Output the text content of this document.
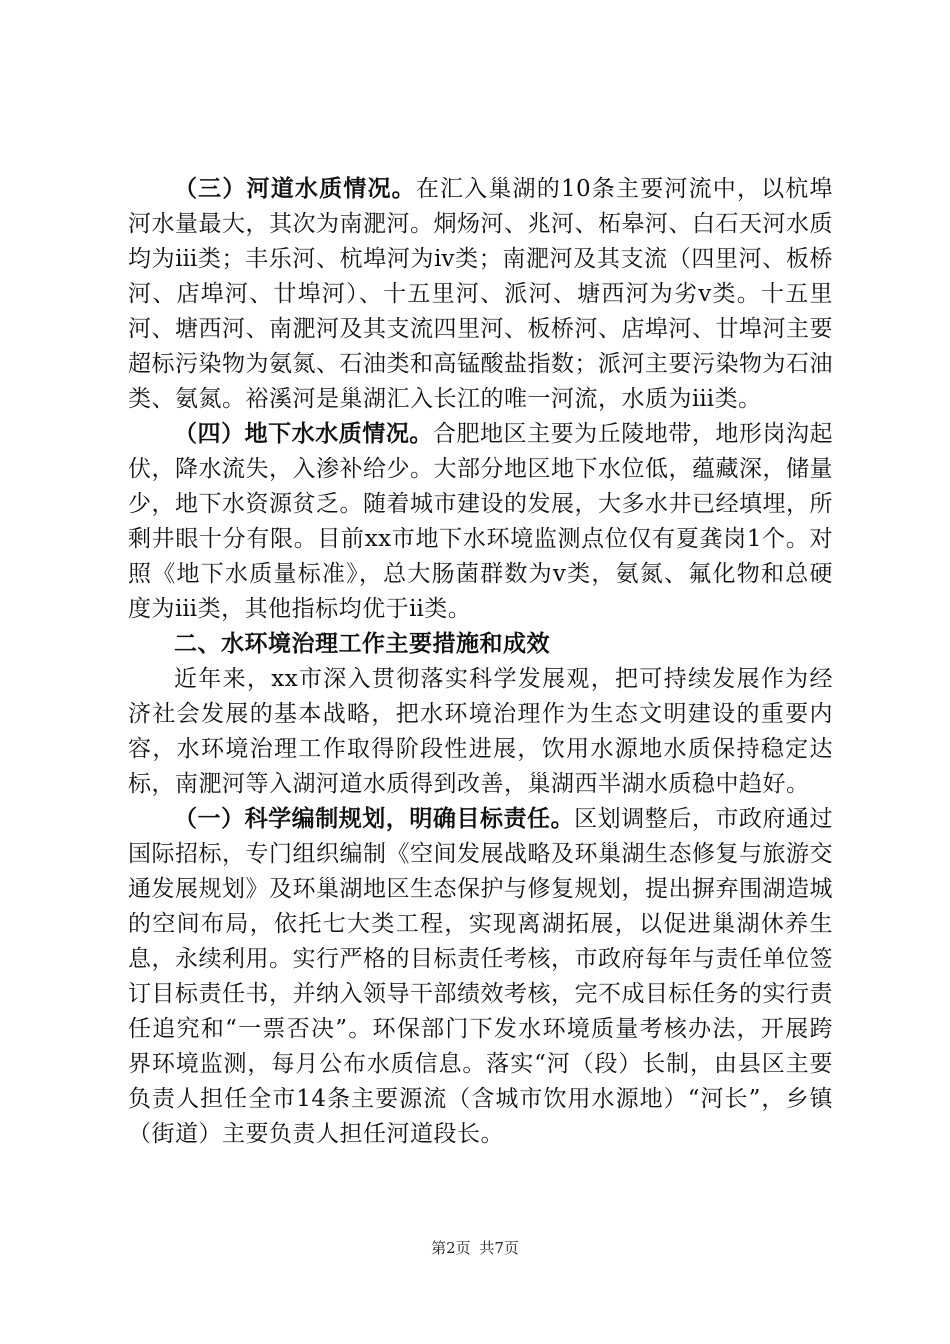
（三）河道水质情况。在汇入巢湖的10条主要河流中，以杭埠河水量最大，其次为南淝河。烔炀河、兆河、柘皋河、白石天河水质均为ⅲ类；丰乐河、杭埠河为ⅳ类；南淝河及其支流（四里河、板桥河、店埠河、廿埠河）、十五里河、派河、塘西河为劣ⅴ类。十五里河、塘西河、南淝河及其支流四里河、板桥河、店埠河、廿埠河主要超标污染物为氨氮、石油类和高锰酸盐指数；派河主要污染物为石油类、氨氮。裕溪河是巢湖汇入长江的唯一河流，水质为ⅲ类。

（四）地下水水质情况。合肥地区主要为丘陵地带，地形岗沟起伏，降水流失，入渗补给少。大部分地区地下水位低，蕴藏深，储量少，地下水资源贫乏。随着城市建设的发展，大多水井已经填埋，所剩井眼十分有限。目前xx市地下水环境监测点位仅有夏龚岗1个。对照《地下水质量标准》，总大肠菌群数为ⅴ类，氨氮、氟化物和总硬度为ⅲ类，其他指标均优于ⅱ类。

二、水环境治理工作主要措施和成效

近年来，xx市深入贯彻落实科学发展观，把可持续发展作为经济社会发展的基本战略，把水环境治理作为生态文明建设的重要内容，水环境治理工作取得阶段性进展，饮用水源地水质保持稳定达标，南淝河等入湖河道水质得到改善，巢湖西半湖水质稳中趋好。

（一）科学编制规划，明确目标责任。区划调整后，市政府通过国际招标，专门组织编制《空间发展战略及环巢湖生态修复与旅游交通发展规划》及环巢湖地区生态保护与修复规划，提出摒弃围湖造城的空间布局，依托七大类工程，实现离湖拓展，以促进巢湖休养生息，永续利用。实行严格的目标责任考核，市政府每年与责任单位签订目标责任书，并纳入领导干部绩效考核，完不成目标任务的实行责任追究和“一票否决”。环保部门下发水环境质量考核办法，开展跨界环境监测，每月公布水质信息。落实“河（段）长制，由县区主要负责人担任全市14条主要源流（含城市饮用水源地）“河长”，乡镇（街道）主要负责人担任河道段长。

第2页 共7页
